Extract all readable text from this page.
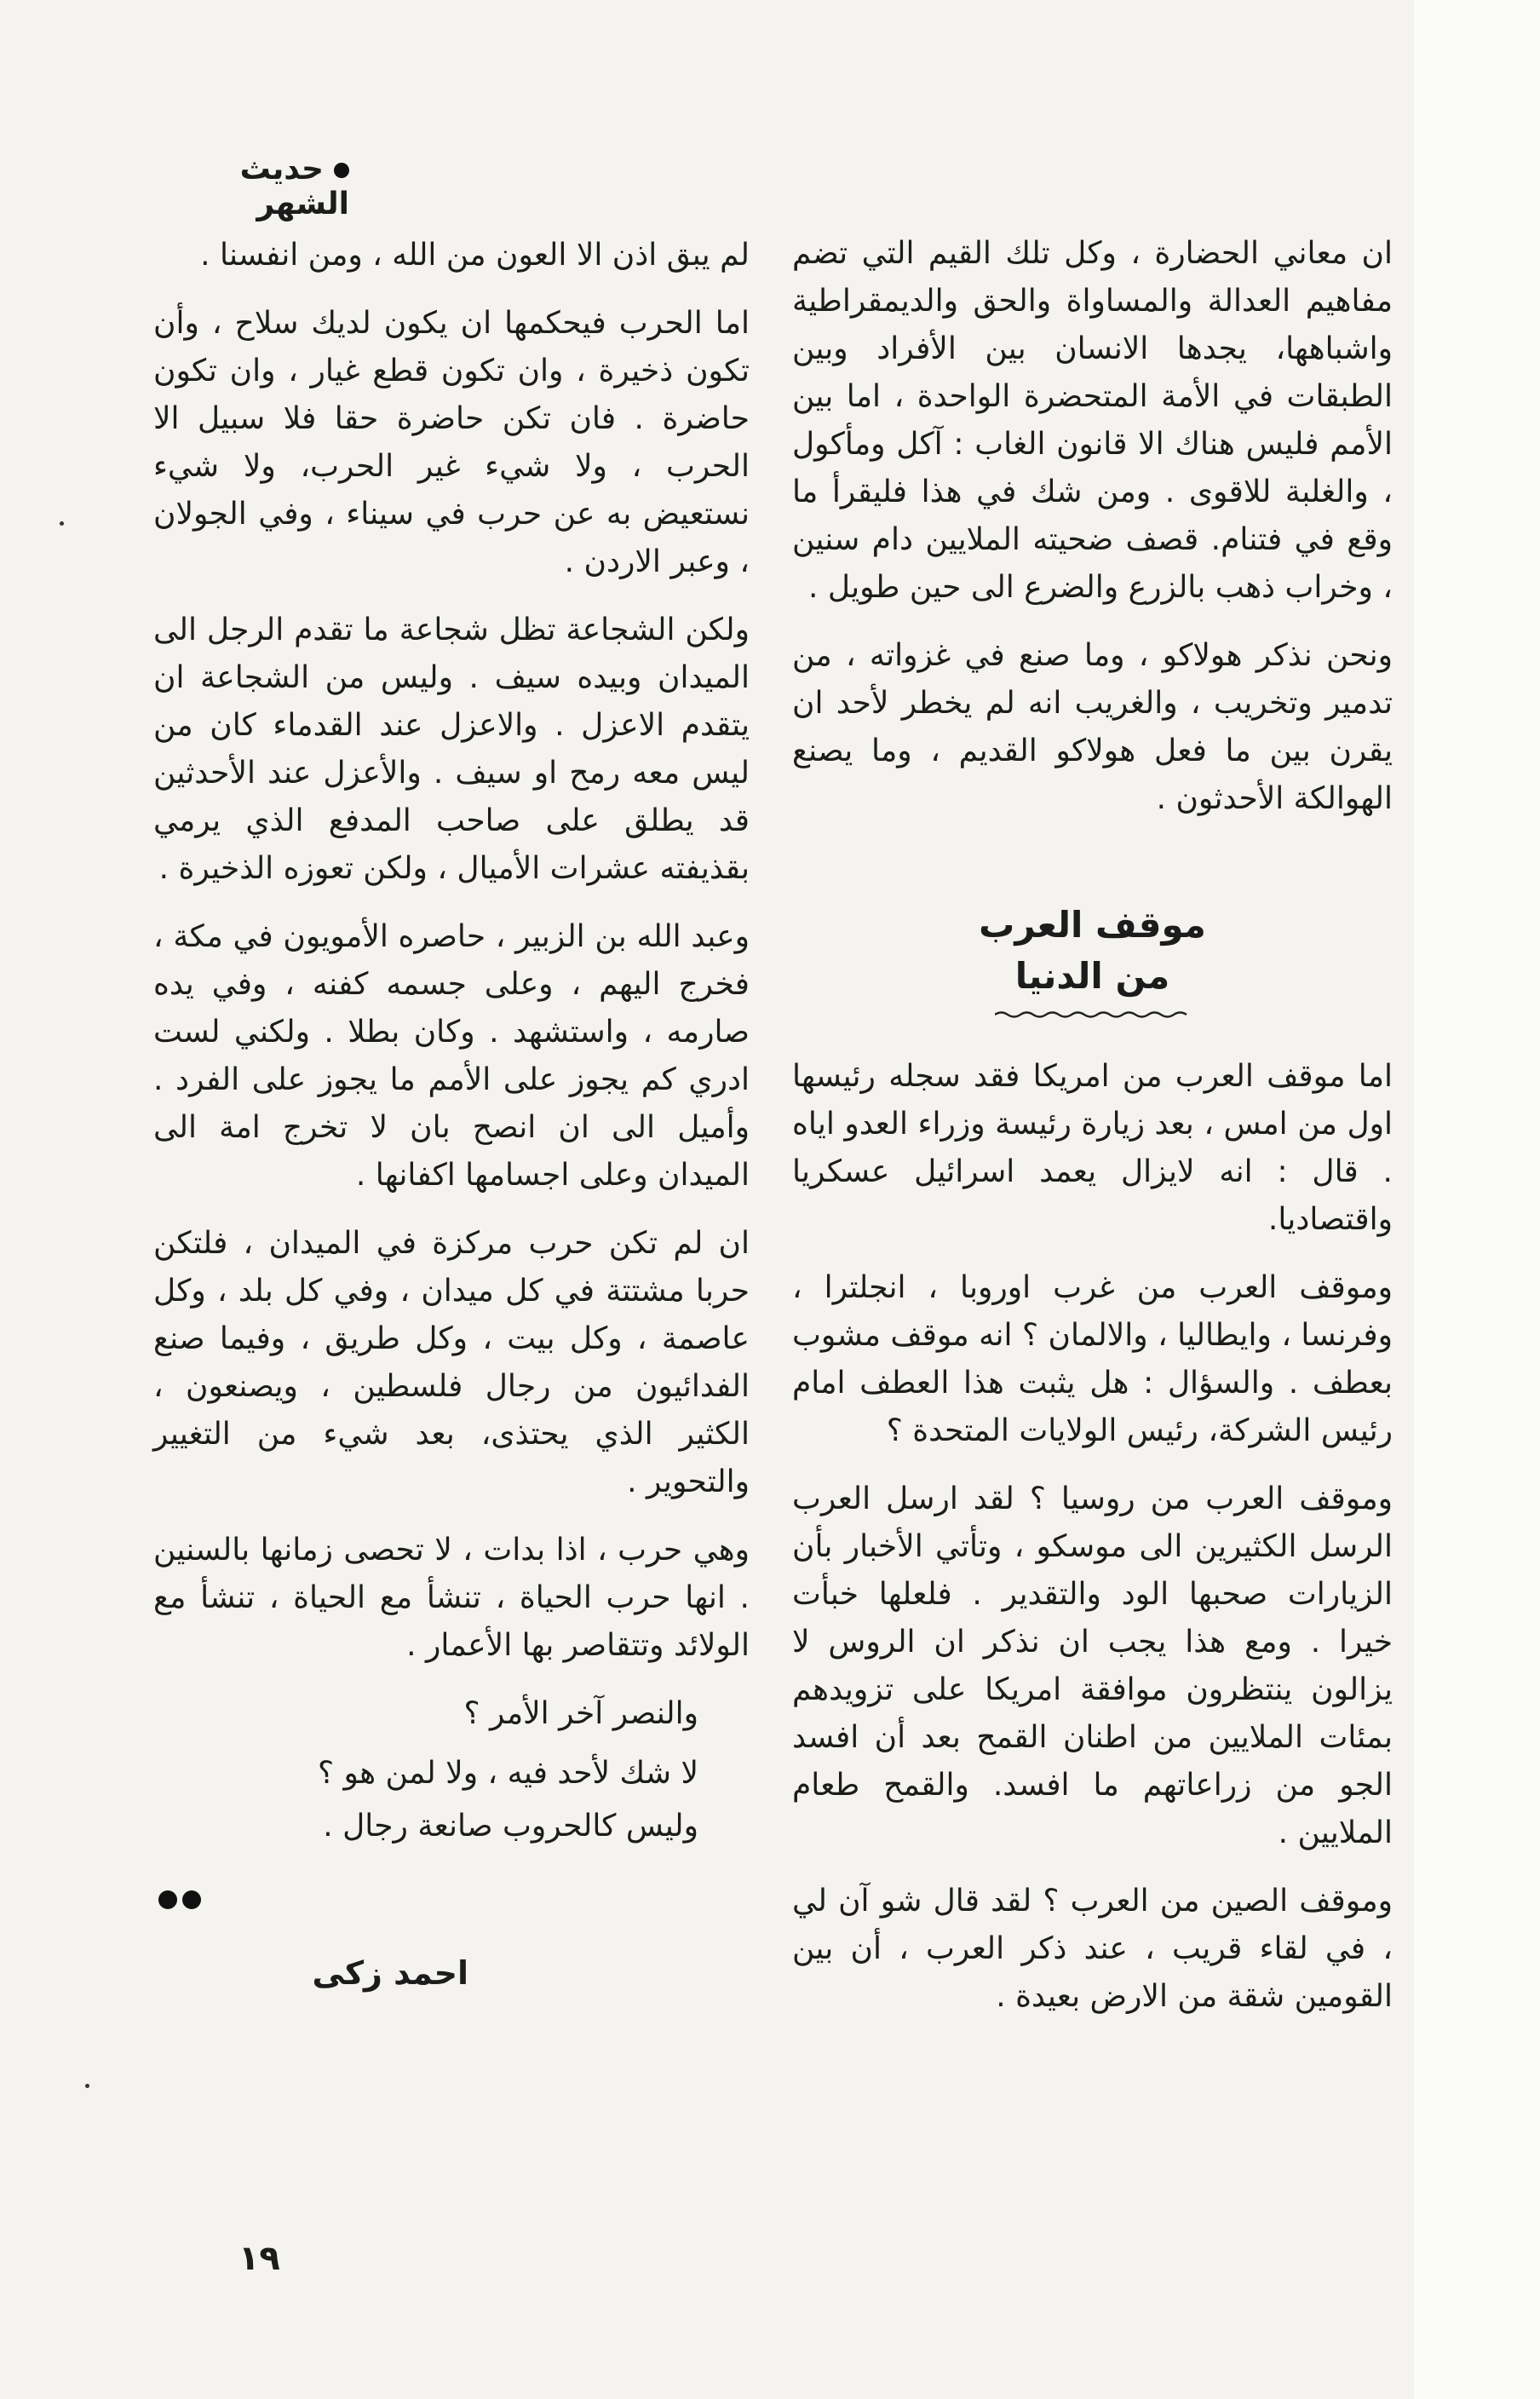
حديث الشهر

ان معاني الحضارة ، وكل تلك القيم التي تضم مفاهيم العدالة والمساواة والحق والديمقراطية واشباهها، يجدها الانسان بين الأفراد وبين الطبقات في الأمة المتحضرة الواحدة ، اما بين الأمم فليس هناك الا قانون الغاب : آكل ومأكول ، والغلبة للاقوى . ومن شك في هذا فليقرأ ما وقع في فتنام. قصف ضحيته الملايين دام سنين ، وخراب ذهب بالزرع والضرع الى حين طويل .

ونحن نذكر هولاكو ، وما صنع في غزواته ، من تدمير وتخريب ، والغريب انه لم يخطر لأحد ان يقرن بين ما فعل هولاكو القديم ، وما يصنع الهوالكة الأحدثون .

موقف العرب
من الدنيا

اما موقف العرب من امريكا فقد سجله رئيسها اول من امس ، بعد زيارة رئيسة وزراء العدو اياه . قال : انه لايزال يعمد اسرائيل عسكريا واقتصاديا.

وموقف العرب من غرب اوروبا ، انجلترا ، وفرنسا ، وايطاليا ، والالمان ؟ انه موقف مشوب بعطف . والسؤال : هل يثبت هذا العطف امام رئيس الشركة، رئيس الولايات المتحدة ؟

وموقف العرب من روسيا ؟ لقد ارسل العرب الرسل الكثيرين الى موسكو ، وتأتي الأخبار بأن الزيارات صحبها الود والتقدير . فلعلها خبأت خيرا . ومع هذا يجب ان نذكر ان الروس لا يزالون ينتظرون موافقة امريكا على تزويدهم بمئات الملايين من اطنان القمح بعد أن افسد الجو من زراعاتهم ما افسد. والقمح طعام الملايين .

وموقف الصين من العرب ؟ لقد قال شو آن لي ، في لقاء قريب ، عند ذكر العرب ، أن بين القومين شقة من الارض بعيدة .

لم يبق اذن الا العون من الله ، ومن انفسنا .

اما الحرب فيحكمها ان يكون لديك سلاح ، وأن تكون ذخيرة ، وان تكون قطع غيار ، وان تكون حاضرة . فان تكن حاضرة حقا فلا سبيل الا الحرب ، ولا شيء غير الحرب، ولا شيء نستعيض به عن حرب في سيناء ، وفي الجولان ، وعبر الاردن .

ولكن الشجاعة تظل شجاعة ما تقدم الرجل الى الميدان وبيده سيف . وليس من الشجاعة ان يتقدم الاعزل . والاعزل عند القدماء كان من ليس معه رمح او سيف . والأعزل عند الأحدثين قد يطلق على صاحب المدفع الذي يرمي بقذيفته عشرات الأميال ، ولكن تعوزه الذخيرة .

وعبد الله بن الزبير ، حاصره الأمويون في مكة ، فخرج اليهم ، وعلى جسمه كفنه ، وفي يده صارمه ، واستشهد . وكان بطلا . ولكني لست ادري كم يجوز على الأمم ما يجوز على الفرد . وأميل الى ان انصح بان لا تخرج امة الى الميدان وعلى اجسامها اكفانها .

ان لم تكن حرب مركزة في الميدان ، فلتكن حربا مشتتة في كل ميدان ، وفي كل بلد ، وكل عاصمة ، وكل بيت ، وكل طريق ، وفيما صنع الفدائيون من رجال فلسطين ، ويصنعون ، الكثير الذي يحتذى، بعد شيء من التغيير والتحوير .

وهي حرب ، اذا بدات ، لا تحصى زمانها بالسنين . انها حرب الحياة ، تنشأ مع الحياة ، تنشأ مع الولائد وتتقاصر بها الأعمار .

والنصر آخر الأمر ؟

لا شك لأحد فيه ، ولا لمن هو ؟

وليس كالحروب صانعة رجال .

احمد زكى
١٩
